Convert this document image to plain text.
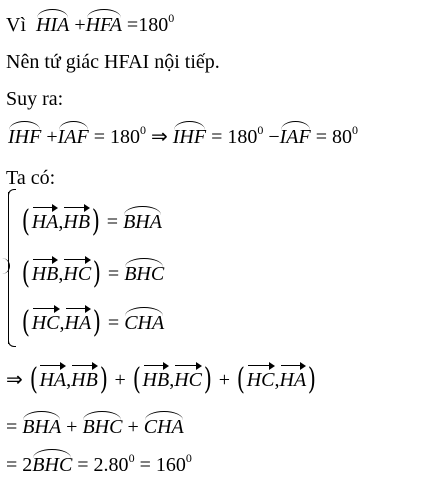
Vì HIA $+HFA =180^0$
Nên tứ giác HFAI nội tiếp.
Suy ra:
IHF $+IAF = 180^0$ ⇒ IHF = $180^0 -IAF = 80^0$
Ta có:
(HA,HB) = BHA
(HB,HC) = BHC
(HC,HA) = CHA
⇒ (HA,HB) + (HB,HC) + (HC,HA)
= BHA + BHC + CHA
= $2BHC = 2.80^0 = 160^0$
